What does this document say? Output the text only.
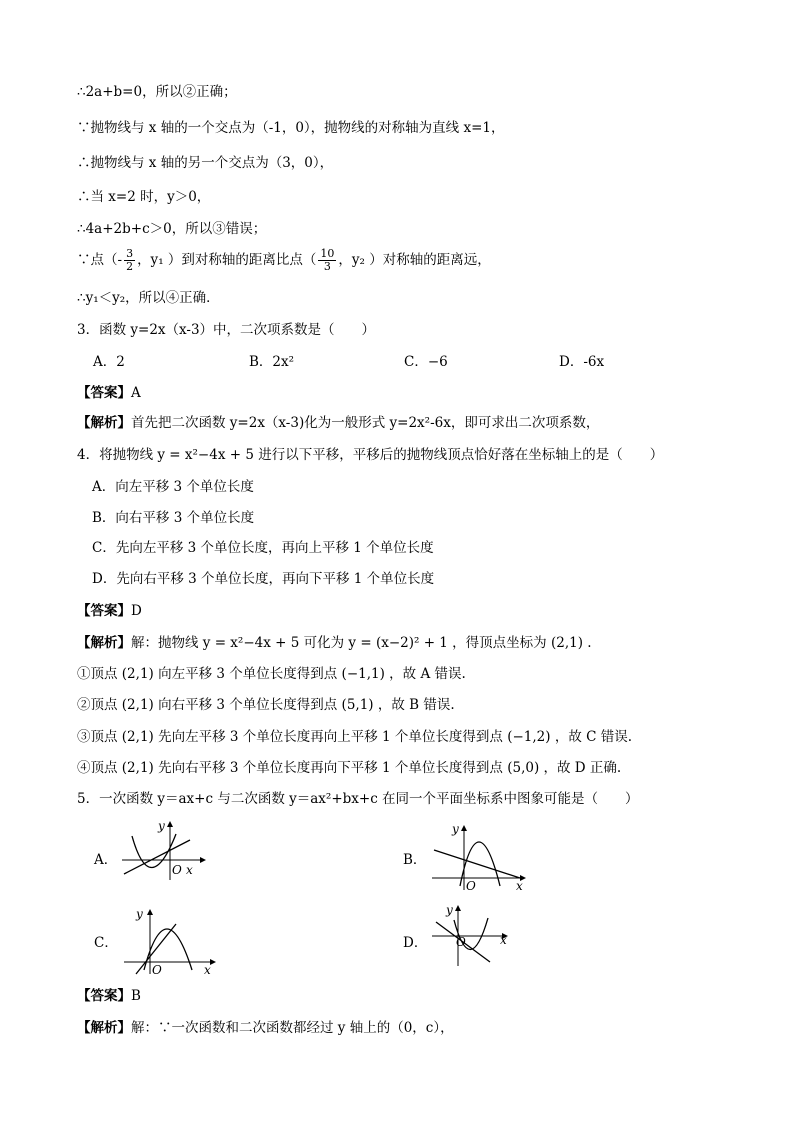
∴2a+b=0，所以②正确；
∵抛物线与 x 轴的一个交点为（-1，0），抛物线的对称轴为直线 x=1，
∴抛物线与 x 轴的另一个交点为（3，0），
∴当 x=2 时，y＞0，
∴4a+2b+c＞0，所以③错误；
∵点（- $\frac{3}{2}$ ，y₁ ）到对称轴的距离比点（ $\frac{10}{3}$ ，y₂ ）对称轴的距离远，
∴y₁＜y₂，所以④正确．
3．函数 y=2x（x-3）中，二次项系数是（　　）
A．2	B．2x²	C．−6	D．-6x
【答案】A
【解析】首先把二次函数 y=2x（x-3)化为一般形式 y=2x²-6x，即可求出二次项系数，
4．将抛物线 y = x²−4x + 5 进行以下平移，平移后的抛物线顶点恰好落在坐标轴上的是（　　）
A．向左平移 3 个单位长度
B．向右平移 3 个单位长度
C．先向左平移 3 个单位长度，再向上平移 1 个单位长度
D．先向右平移 3 个单位长度，再向下平移 1 个单位长度
【答案】D
【解析】解：抛物线 y = x²−4x + 5 可化为 y = (x−2)² + 1 ，得顶点坐标为 (2,1) .
①顶点 (2,1) 向左平移 3 个单位长度得到点 (−1,1) ，故 A 错误.
②顶点 (2,1) 向右平移 3 个单位长度得到点 (5,1) ，故 B 错误.
③顶点 (2,1) 先向左平移 3 个单位长度再向上平移 1 个单位长度得到点 (−1,2) ，故 C 错误.
④顶点 (2,1) 先向右平移 3 个单位长度再向下平移 1 个单位长度得到点 (5,0) ，故 D 正确.
5．一次函数 y＝ax+c 与二次函数 y＝ax²+bx+c 在同一个平面坐标系中图象可能是（　　）
A．
y
x
O
B．
y
x
O
C．
y
x
O
D．
y
x
O
【答案】B
【解析】解：∵一次函数和二次函数都经过 y 轴上的（0，c），
